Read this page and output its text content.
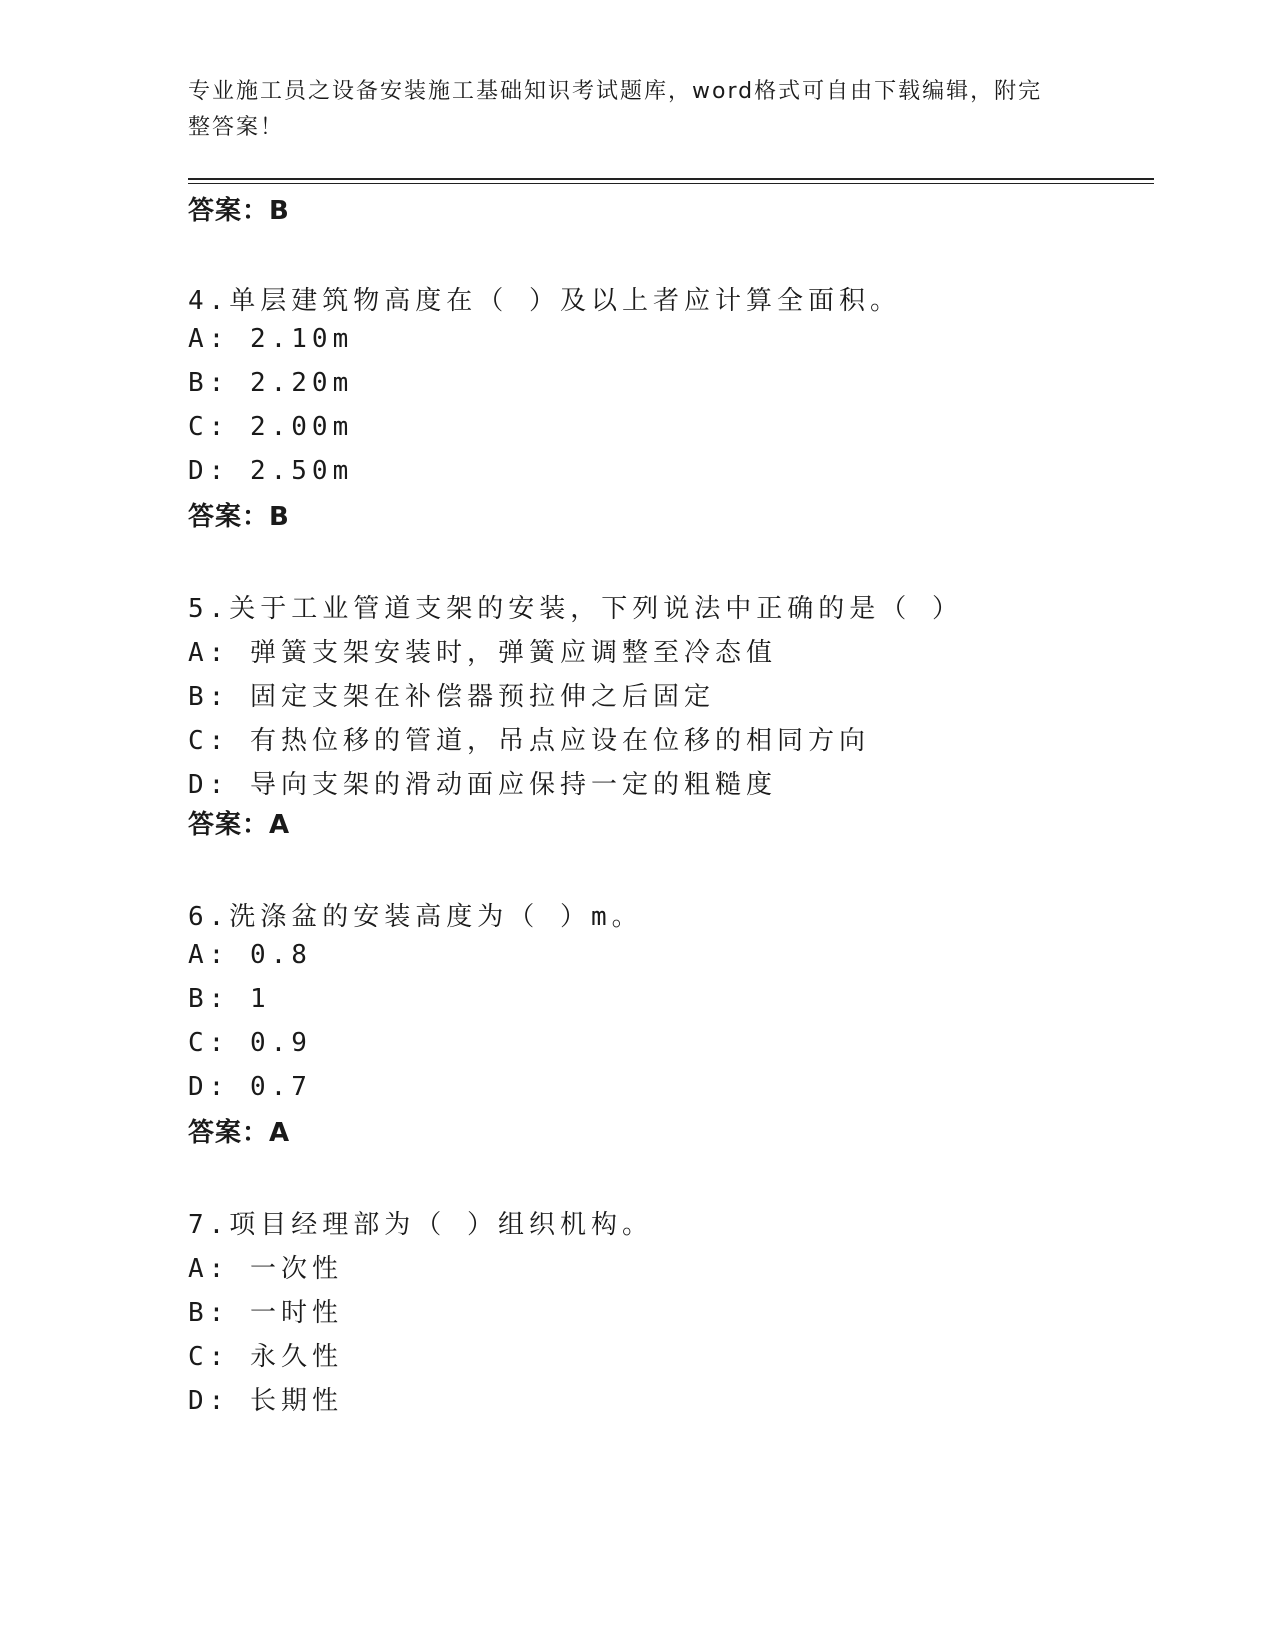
专业施工员之设备安装施工基础知识考试题库，word格式可自由下载编辑，附完
整答案！
答案：B
4.单层建筑物高度在（ ）及以上者应计算全面积。
A: 2.10m
B: 2.20m
C: 2.00m
D: 2.50m
答案：B
5.关于工业管道支架的安装，下列说法中正确的是（ ）
A: 弹簧支架安装时，弹簧应调整至冷态值
B: 固定支架在补偿器预拉伸之后固定
C: 有热位移的管道，吊点应设在位移的相同方向
D: 导向支架的滑动面应保持一定的粗糙度
答案：A
6.洗涤盆的安装高度为（ ）m。
A: 0.8
B: 1
C: 0.9
D: 0.7
答案：A
7.项目经理部为（ ）组织机构。
A: 一次性
B: 一时性
C: 永久性
D: 长期性
